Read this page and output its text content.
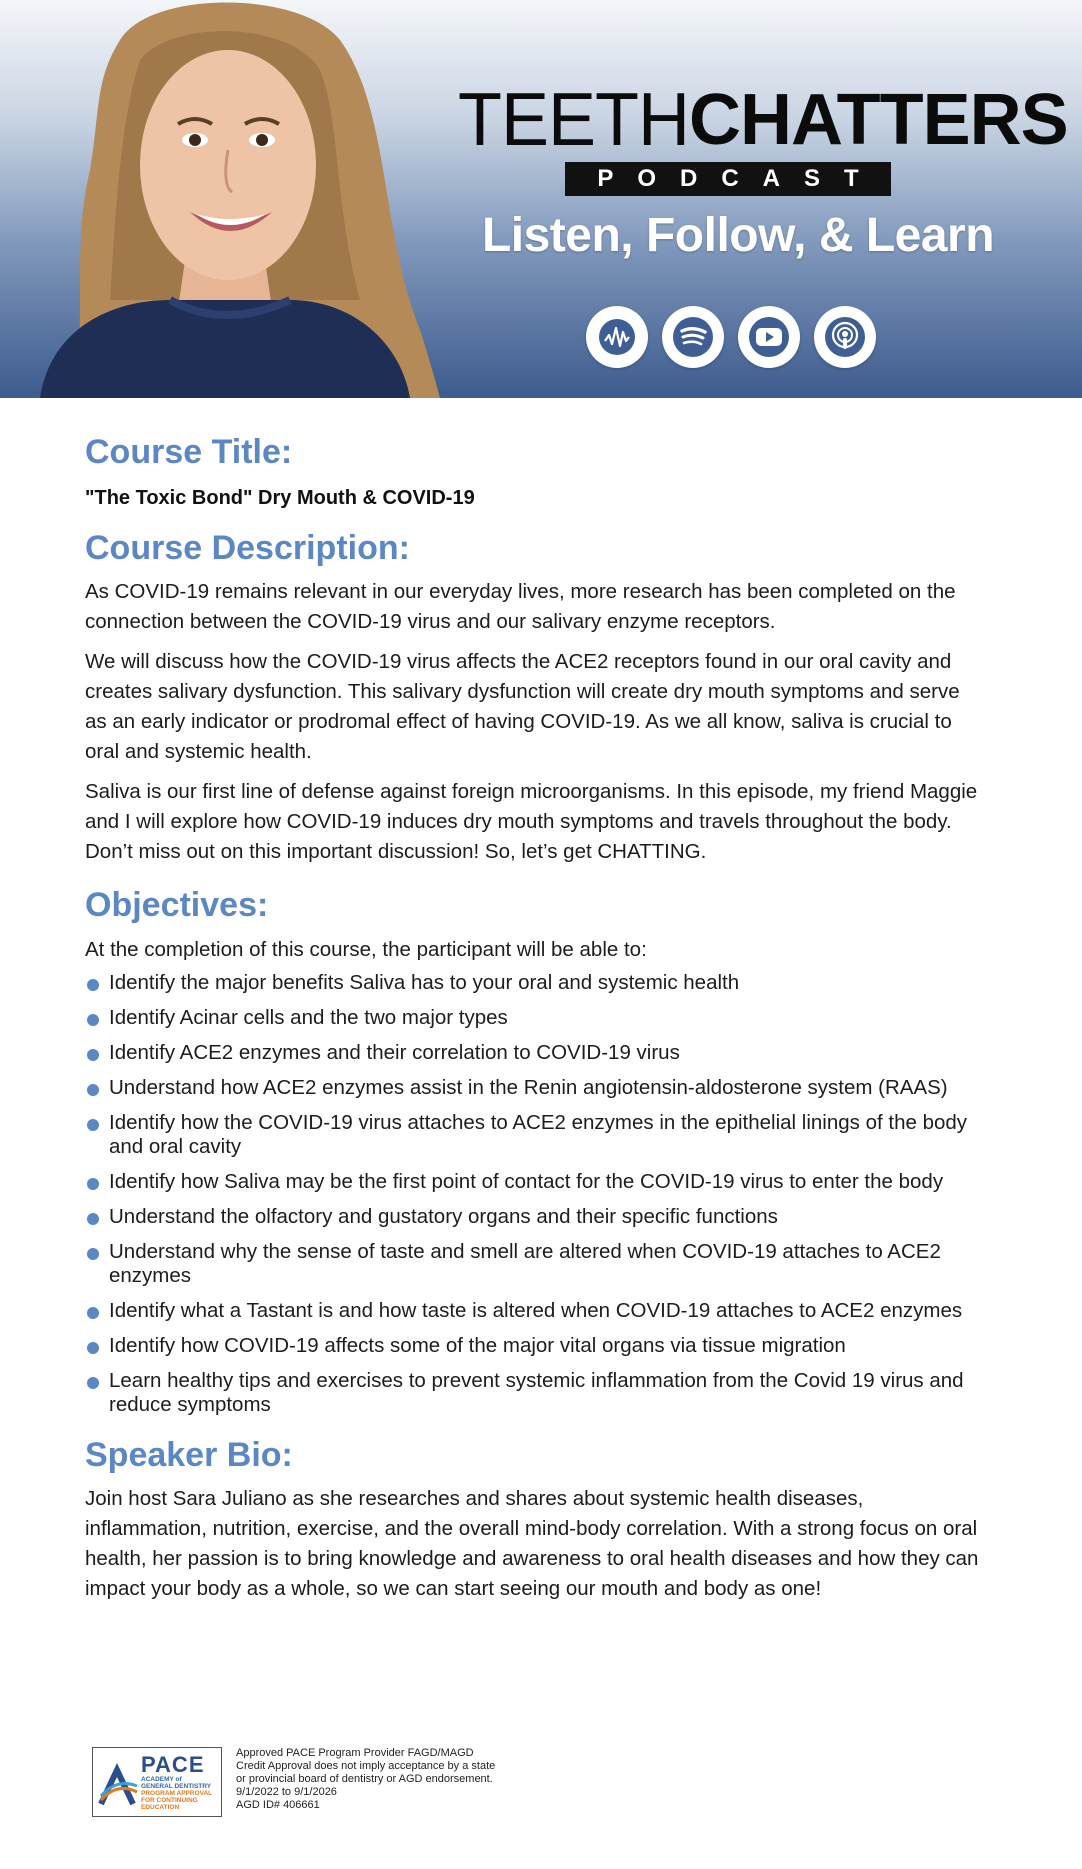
TEETHCHATTERS
PODCAST
Listen, Follow, & Learn
Course Title:
"The Toxic Bond" Dry Mouth & COVID-19
Course Description:

As COVID-19 remains relevant in our everyday lives, more research has been completed on the connection between the COVID-19 virus and our salivary enzyme receptors.

We will discuss how the COVID-19 virus affects the ACE2 receptors found in our oral cavity and creates salivary dysfunction. This salivary dysfunction will create dry mouth symptoms and serve as an early indicator or prodromal effect of having COVID-19. As we all know, saliva is crucial to oral and systemic health.

Saliva is our first line of defense against foreign microorganisms. In this episode, my friend Maggie and I will explore how COVID-19 induces dry mouth symptoms and travels throughout the body. Don’t miss out on this important discussion! So, let’s get CHATTING.

Objectives:
At the completion of this course, the participant will be able to:
Identify the major benefits Saliva has to your oral and systemic health
Identify Acinar cells and the two major types
Identify ACE2 enzymes and their correlation to COVID-19 virus
Understand how ACE2 enzymes assist in the Renin angiotensin-aldosterone system (RAAS)
Identify how the COVID-19 virus attaches to ACE2 enzymes in the epithelial linings of the body and oral cavity
Identify how Saliva may be the first point of contact for the COVID-19 virus to enter the body
Understand the olfactory and gustatory organs and their specific functions
Understand why the sense of taste and smell are altered when COVID-19 attaches to ACE2 enzymes
Identify what a Tastant is and how taste is altered when COVID-19 attaches to ACE2 enzymes
Identify how COVID-19 affects some of the major vital organs via tissue migration
Learn healthy tips and exercises to prevent systemic inflammation from the Covid 19 virus and reduce symptoms
Speaker Bio:

Join host Sara Juliano as she researches and shares about systemic health diseases, inflammation, nutrition, exercise, and the overall mind-body correlation. With a strong focus on oral health, her passion is to bring knowledge and awareness to oral health diseases and how they can impact your body as a whole, so we can start seeing our mouth and body as one!

PACE
ACADEMY of
GENERAL DENTISTRY
PROGRAM APPROVAL
FOR CONTINUING
EDUCATION
Approved PACE Program Provider FAGD/MAGD
Credit Approval does not imply acceptance by a state
or provincial board of dentistry or AGD endorsement.
9/1/2022 to 9/1/2026
AGD ID# 406661
